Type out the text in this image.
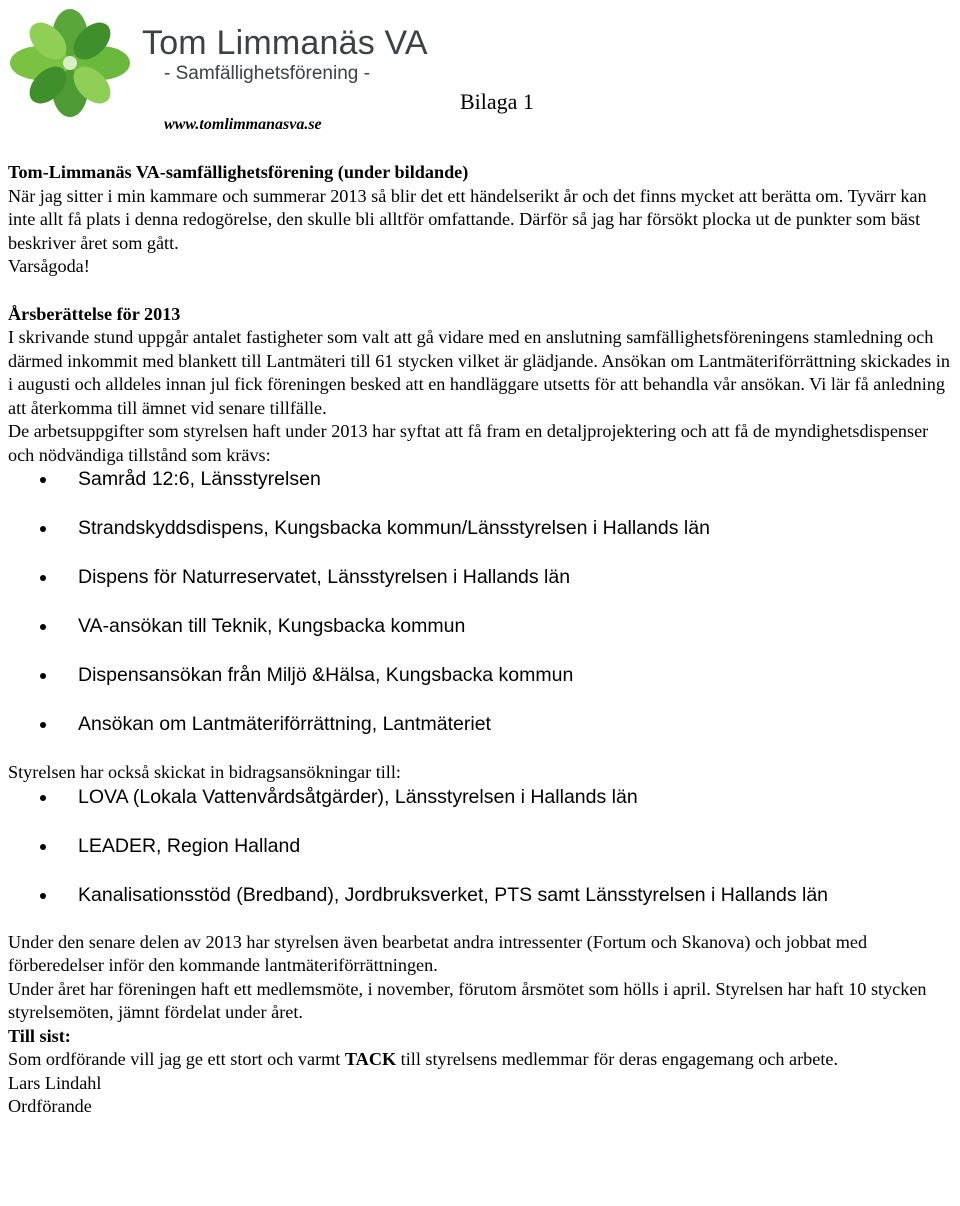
Tom Limmanäs VA
- Samfällighetsförening -
www.tomlimmanasva.se
Bilaga 1

Tom-Limmanäs VA-samfällighetsförening (under bildande)

När jag sitter i min kammare och summerar 2013 så blir det ett händelserikt år och det finns mycket att berätta om. Tyvärr kan inte allt få plats i denna redogörelse, den skulle bli alltför omfattande. Därför så jag har försökt plocka ut de punkter som bäst beskriver året som gått.

Varsågoda!

Årsberättelse för 2013

I skrivande stund uppgår antalet fastigheter som valt att gå vidare med en anslutning samfällighetsföreningens stamledning och därmed inkommit med blankett till Lantmäteri till 61 stycken vilket är glädjande. Ansökan om Lantmäteriförrättning skickades in i augusti och alldeles innan jul fick föreningen besked att en handläggare utsetts för att behandla vår ansökan. Vi lär få anledning att återkomma till ämnet vid senare tillfälle.

De arbetsuppgifter som styrelsen haft under 2013 har syftat att få fram en detaljprojektering och att få de myndighetsdispenser och nödvändiga tillstånd som krävs:

Samråd 12:6, Länsstyrelsen
Strandskyddsdispens, Kungsbacka kommun/Länsstyrelsen i Hallands län
Dispens för Naturreservatet, Länsstyrelsen i Hallands län
VA-ansökan till Teknik, Kungsbacka kommun
Dispensansökan från Miljö &Hälsa, Kungsbacka kommun
Ansökan om Lantmäteriförrättning, Lantmäteriet

Styrelsen har också skickat in bidragsansökningar till:

LOVA (Lokala Vattenvårdsåtgärder), Länsstyrelsen i Hallands län
LEADER, Region Halland
Kanalisationsstöd (Bredband), Jordbruksverket, PTS samt Länsstyrelsen i Hallands län

Under den senare delen av 2013 har styrelsen även bearbetat andra intressenter (Fortum och Skanova) och jobbat med förberedelser inför den kommande lantmäteriförrättningen.

Under året har föreningen haft ett medlemsmöte, i november, förutom årsmötet som hölls i april. Styrelsen har haft 10 stycken styrelsemöten, jämnt fördelat under året.

Till sist:

Som ordförande vill jag ge ett stort och varmt TACK till styrelsens medlemmar för deras engagemang och arbete.

Lars Lindahl

Ordförande
